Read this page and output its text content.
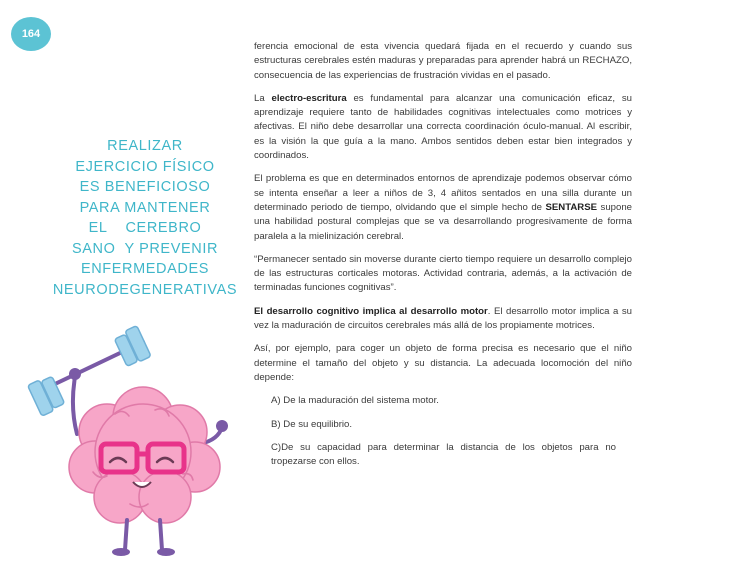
164
REALIZAR
EJERCICIO FÍSICO
ES BENEFICIOSO
PARA MANTENER
EL    CEREBRO
SANO  Y PREVENIR
ENFERMEDADES
NEURODEGENERATIVAS

ferencia emocional de esta vivencia quedará fijada en el recuerdo y cuando sus estructuras cerebrales estén maduras y preparadas para aprender habrá un RECHAZO, consecuencia de las experiencias de frustración vividas en el pasado.

La electro-escritura es fundamental para alcanzar una comunicación eficaz, su aprendizaje requiere tanto de habilidades cognitivas intelectuales como motrices y afectivas. El niño debe desarrollar una correcta coordinación óculo-manual. Al escribir, es la visión la que guía a la mano. Ambos sentidos deben estar bien integrados y coordinados.

El problema es que en determinados entornos de aprendizaje podemos observar cómo se intenta enseñar a leer a niños de 3, 4 añitos sentados en una silla durante un determinado periodo de tiempo, olvidando que el simple hecho de SENTARSE supone una habilidad postural complejas que se va desarrollando progresivamente de forma paralela a la mielinización cerebral.

“Permanecer sentado sin moverse durante cierto tiempo requiere un desarrollo complejo de las estructuras corticales motoras. Actividad contraria, además, a la activación de terminadas funciones cognitivas”.

El desarrollo cognitivo implica al desarrollo motor. El desarrollo motor implica a su vez la maduración de circuitos cerebrales más allá de los propiamente motrices.

Así, por ejemplo, para coger un objeto de forma precisa es necesario que el niño determine el tamaño del objeto y su distancia. La adecuada locomoción del niño depende:

A) De la maduración del sistema motor.
B) De su equilibrio.
C)De su capacidad para determinar la distancia de los objetos para no tropezarse con ellos.
